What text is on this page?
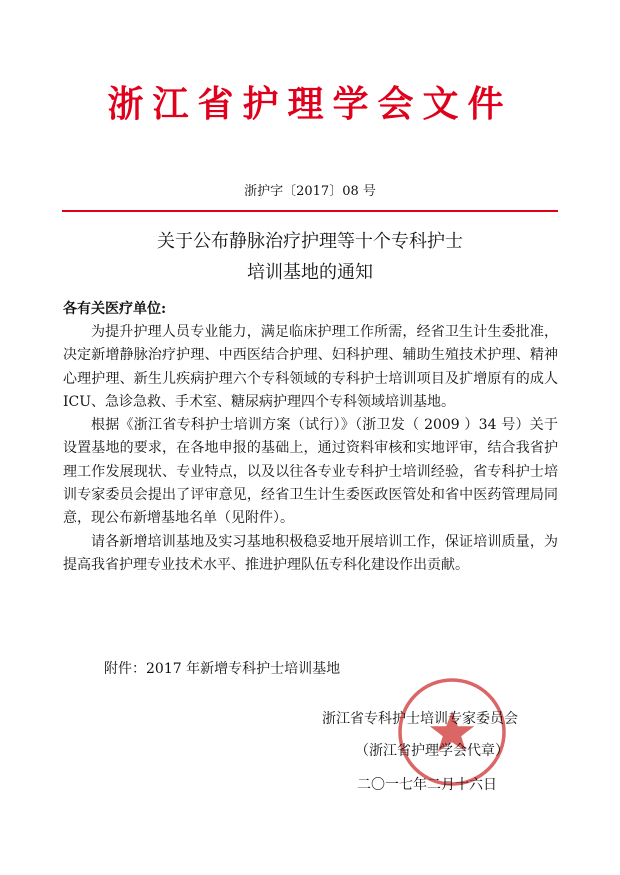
浙江省护理学会文件
浙护字〔2017〕08 号
关于公布静脉治疗护理等十个专科护士
培训基地的通知
各有关医疗单位:
为提升护理人员专业能力，满足临床护理工作所需，经省卫生计生委批准，决定新增静脉治疗护理、中西医结合护理、妇科护理、辅助生殖技术护理、精神心理护理、新生儿疾病护理六个专科领域的专科护士培训项目及扩增原有的成人 ICU、急诊急救、手术室、糖尿病护理四个专科领域培训基地。
根据《浙江省专科护士培训方案（试行）》（浙卫发（ 2009 ）34 号）关于设置基地的要求，在各地申报的基础上，通过资料审核和实地评审，结合我省护理工作发展现状、专业特点，以及以往各专业专科护士培训经验，省专科护士培训专家委员会提出了评审意见，经省卫生计生委医政医管处和省中医药管理局同意，现公布新增基地名单（见附件）。
请各新增培训基地及实习基地积极稳妥地开展培训工作，保证培训质量，为提高我省护理专业技术水平、推进护理队伍专科化建设作出贡献。
附件：2017 年新增专科护士培训基地
浙江省专科护士培训专家委员会
（浙江省护理学会代章）
二〇一七年二月十六日
